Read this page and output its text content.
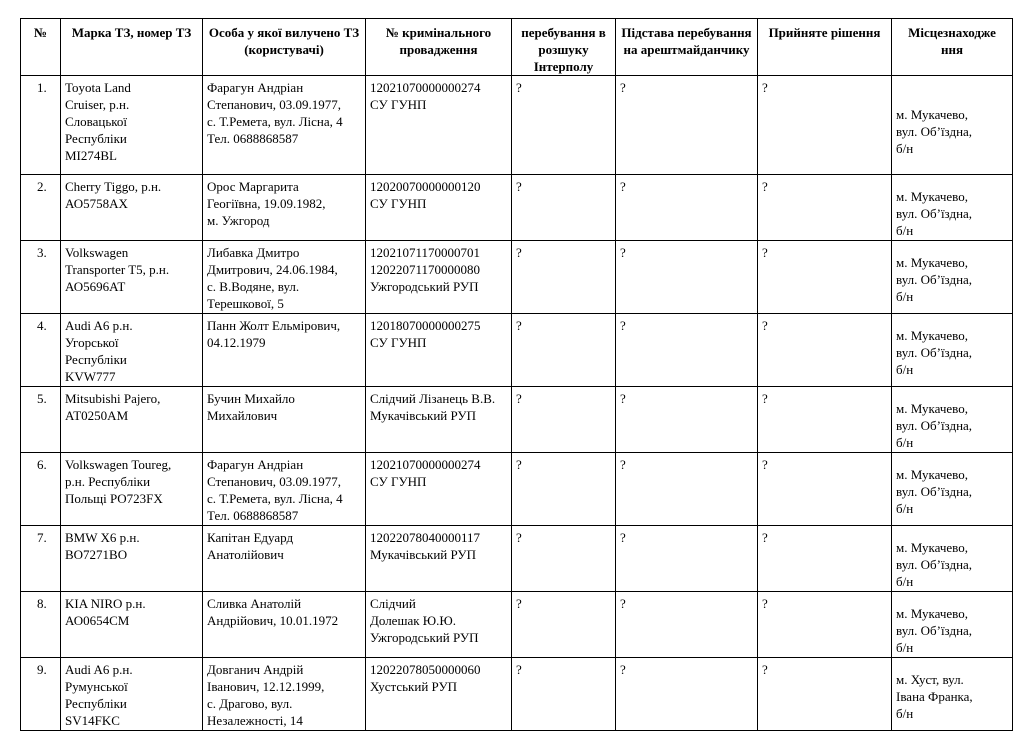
№	Марка ТЗ, номер ТЗ	Особа у якої вилучено ТЗ (користувачі)	№ кримінального провадження	перебування в розшуку Інтерполу	Підстава перебування на арештмайданчику	Прийняте рішення	Місцезнаходже ння
1.	Toyota Land
Cruiser, р.н.
Словацької
Республіки
MI274BL	Фарагун Андріан
Степанович, 03.09.1977,
с. Т.Ремета, вул. Лісна, 4
Тел. 0688868587	12021070000000274
СУ ГУНП	?	?	?	м. Мукачево,
вул. Об’їздна,
б/н

2.	Cherry Tiggo, р.н.
АО5758АХ	Орос Маргарита
Геогіївна, 19.09.1982,
м. Ужгород	12020070000000120
СУ ГУНП	?	?	?	м. Мукачево,
вул. Об’їздна,
б/н

3.	Volkswagen
Transporter T5, р.н.
АО5696АТ	Либавка Дмитро
Дмитрович, 24.06.1984,
с. В.Водяне, вул.
Терешкової, 5	12021071170000701
12022071170000080
Ужгородський РУП	?	?	?	м. Мукачево,
вул. Об’їздна,
б/н

4.	Audi A6 р.н.
Угорської
Республіки
KVW777	Панн Жолт Ельмірович,
04.12.1979	12018070000000275
СУ ГУНП	?	?	?	м. Мукачево,
вул. Об’їздна,
б/н

5.	Mitsubishi Pajero,
АТ0250АМ	Бучин Михайло
Михайлович	Слідчий Лізанець В.В.
Мукачівський РУП	?	?	?	м. Мукачево,
вул. Об’їздна,
б/н

6.	Volkswagen Toureg,
р.н. Республіки
Польщі PO723FX	Фарагун Андріан
Степанович, 03.09.1977,
с. Т.Ремета, вул. Лісна, 4
Тел. 0688868587	12021070000000274
СУ ГУНП	?	?	?	м. Мукачево,
вул. Об’їздна,
б/н

7.	BMW X6 р.н.
ВО7271ВО	Капітан Едуард
Анатолійович	12022078040000117
Мукачівський РУП	?	?	?	м. Мукачево,
вул. Об’їздна,
б/н

8.	KIA NIRO р.н.
АО0654СМ	Сливка Анатолій
Андрійович, 10.01.1972	Слідчий
Долешак Ю.Ю.
Ужгородський РУП	?	?	?	м. Мукачево,
вул. Об’їздна,
б/н

9.	Audi A6 р.н.
Румунської
Республіки
SV14FKC	Довганич Андрій
Іванович, 12.12.1999,
с. Драгово, вул.
Незалежності, 14	12022078050000060
Хустський РУП	?	?	?	м. Хуст, вул.
Івана Франка,
б/н
